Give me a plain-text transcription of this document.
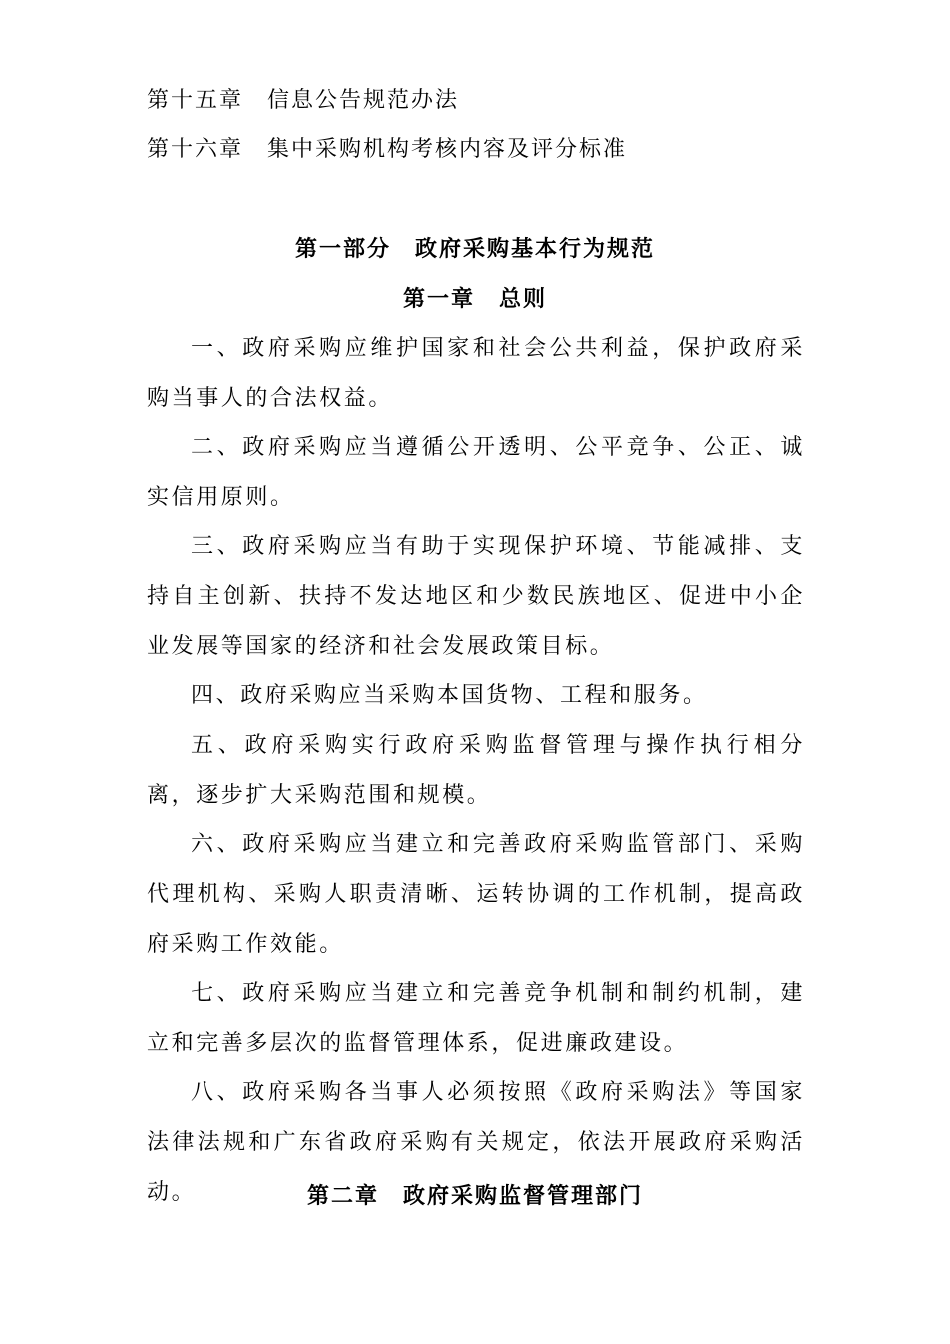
第十五章 信息公告规范办法
第十六章 集中采购机构考核内容及评分标准
第一部分 政府采购基本行为规范
第一章 总则

一、政府采购应维护国家和社会公共利益，保护政府采购当事人的合法权益。

二、政府采购应当遵循公开透明、公平竞争、公正、诚实信用原则。

三、政府采购应当有助于实现保护环境、节能减排、支持自主创新、扶持不发达地区和少数民族地区、促进中小企业发展等国家的经济和社会发展政策目标。

四、政府采购应当采购本国货物、工程和服务。

五、政府采购实行政府采购监督管理与操作执行相分离，逐步扩大采购范围和规模。

六、政府采购应当建立和完善政府采购监管部门、采购代理机构、采购人职责清晰、运转协调的工作机制，提高政府采购工作效能。

七、政府采购应当建立和完善竞争机制和制约机制，建立和完善多层次的监督管理体系，促进廉政建设。

八、政府采购各当事人必须按照《政府采购法》等国家法律法规和广东省政府采购有关规定，依法开展政府采购活动。	第二章 政府采购监督管理部门
